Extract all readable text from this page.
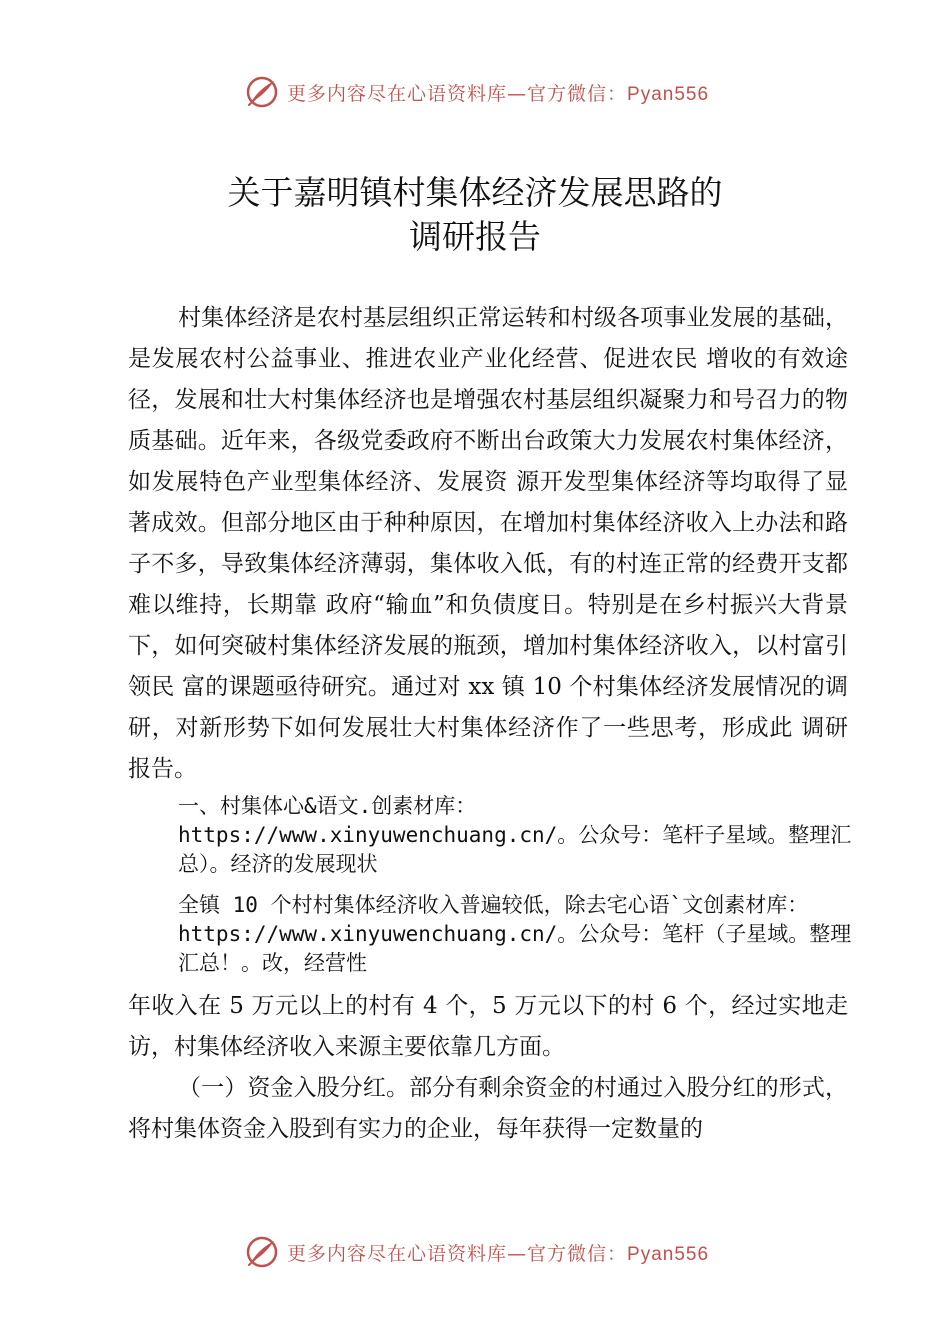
更多内容尽在心语资料库—官方微信：Pyan556
关于嘉明镇村集体经济发展思路的
调研报告

村集体经济是农村基层组织正常运转和村级各项事业发展的基础，是发展农村公益事业、推进农业产业化经营、促进农民 增收的有效途径，发展和壮大村集体经济也是增强农村基层组织凝聚力和号召力的物质基础。近年来，各级党委政府不断出台政策大力发展农村集体经济，如发展特色产业型集体经济、发展资 源开发型集体经济等均取得了显著成效。但部分地区由于种种原因，在增加村集体经济收入上办法和路子不多，导致集体经济薄弱，集体收入低，有的村连正常的经费开支都难以维持，长期靠 政府“输血”和负债度日。特别是在乡村振兴大背景下，如何突破村集体经济发展的瓶颈，增加村集体经济收入，以村富引领民 富的课题亟待研究。通过对 xx 镇 10 个村集体经济发展情况的调研，对新形势下如何发展壮大村集体经济作了一些思考，形成此 调研报告。

一、村集体心&语文.创素材库：https://www.xinyuwenchuang.cn/。公众号：笔杆子星域。整理汇总）。经济的发展现状

全镇 10 个村村集体经济收入普遍较低，除去宅心语`文创素材库：https://www.xinyuwenchuang.cn/。公众号：笔杆（子星域。整理汇总！。改，经营性

年收入在 5 万元以上的村有 4 个，5 万元以下的村 6 个，经过实地走访，村集体经济收入来源主要依靠几方面。

（一）资金入股分红。部分有剩余资金的村通过入股分红的形式，将村集体资金入股到有实力的企业，每年获得一定数量的

更多内容尽在心语资料库—官方微信：Pyan556
